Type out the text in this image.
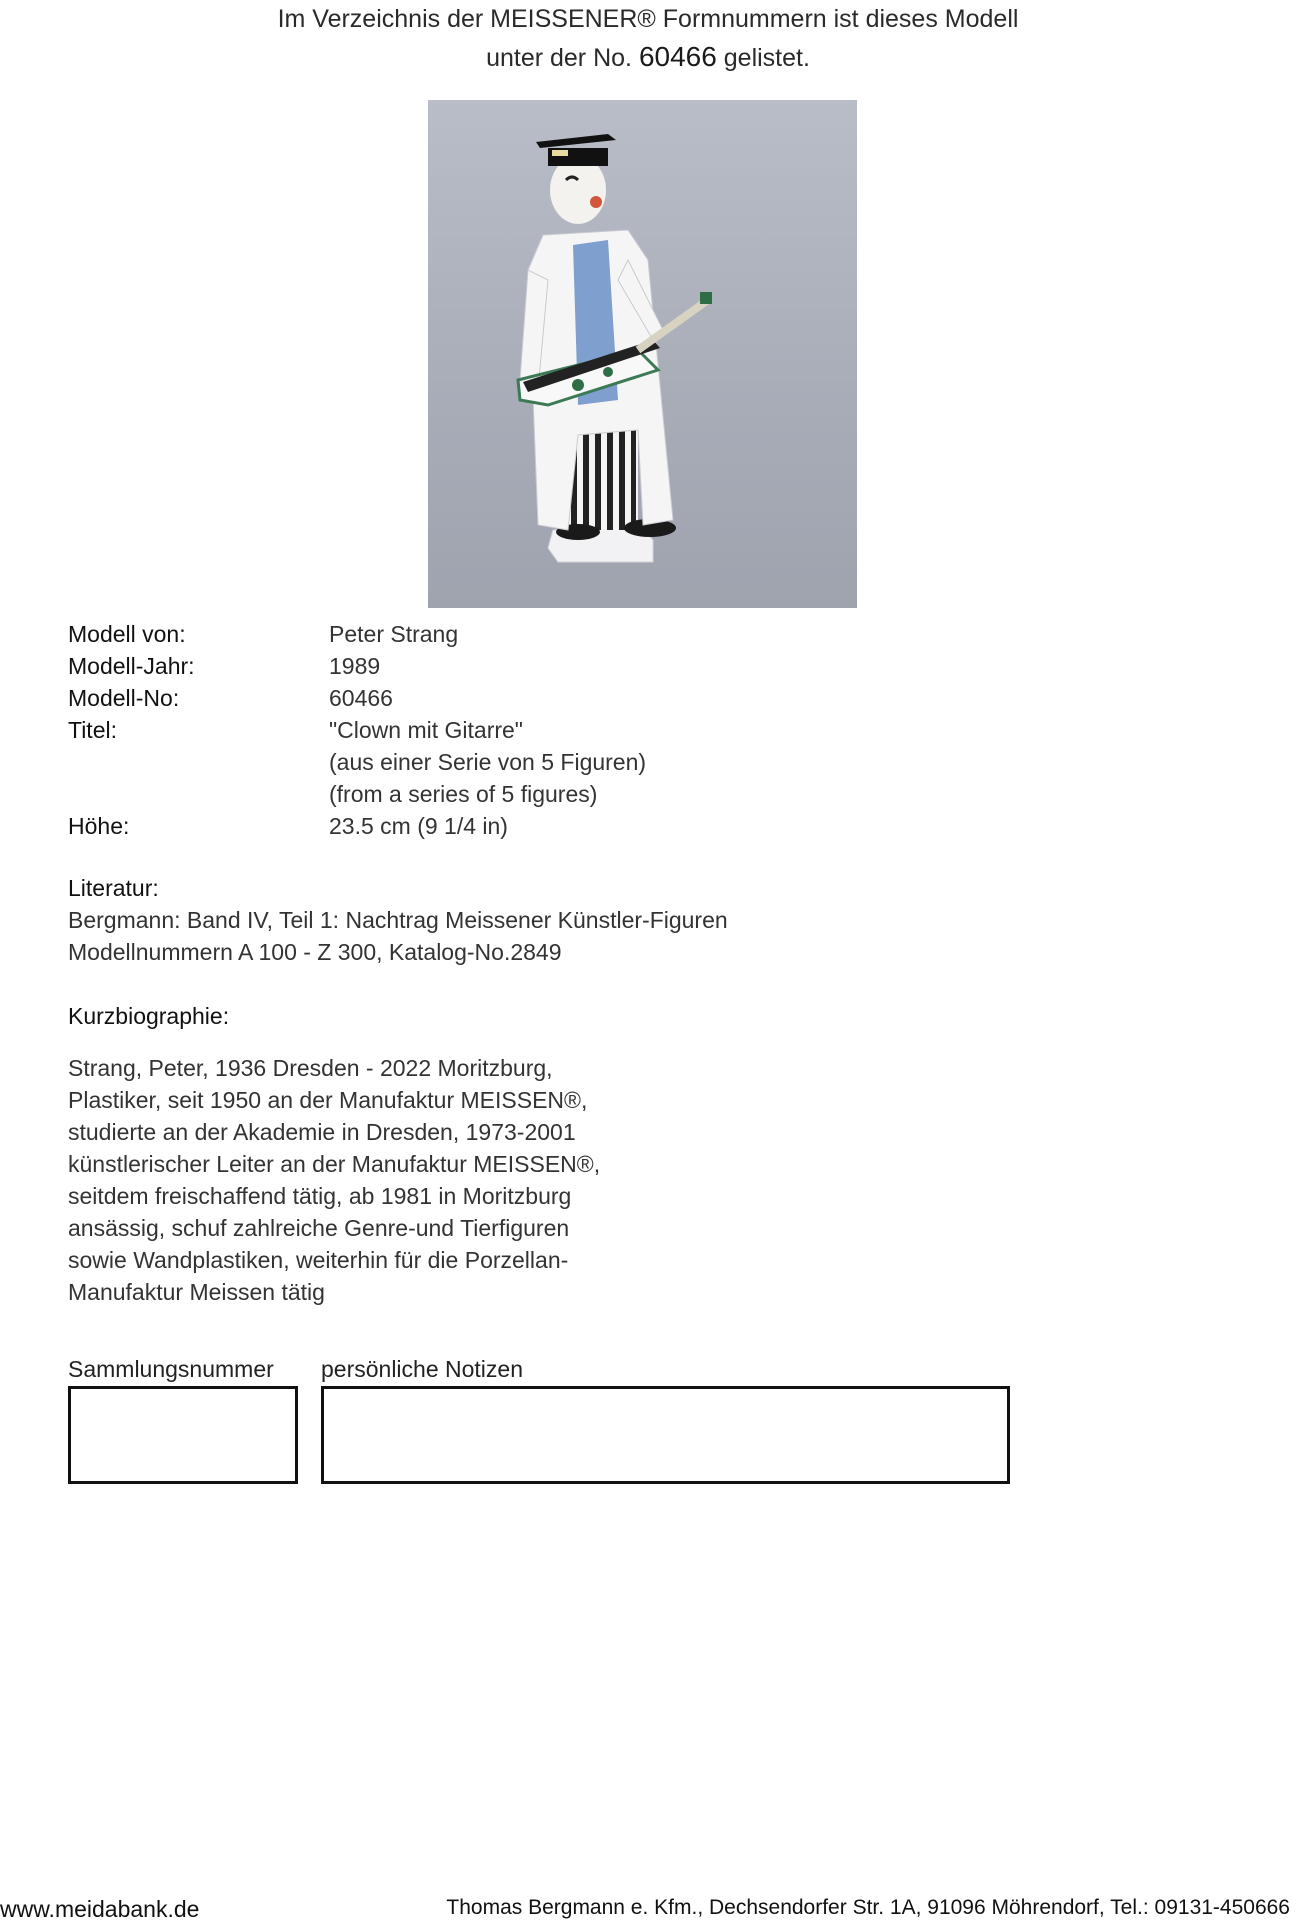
Im Verzeichnis der MEISSENER® Formnummern ist dieses Modell
unter der No. 60466 gelistet.
Modell von:	Peter Strang
Modell-Jahr:	1989
Modell-No:	60466
Titel:	"Clown mit Gitarre"
(aus einer Serie von 5 Figuren)
(from a series of 5 figures)
Höhe:	23.5 cm (9 1/4 in)
Literatur:
Bergmann: Band IV, Teil 1: Nachtrag Meissener Künstler-Figuren
Modellnummern A 100 - Z 300, Katalog-No.2849
Kurzbiographie:
Strang, Peter, 1936 Dresden - 2022 Moritzburg,
Plastiker, seit 1950 an der Manufaktur MEISSEN®,
studierte an der Akademie in Dresden, 1973-2001
künstlerischer Leiter an der Manufaktur MEISSEN®,
seitdem freischaffend tätig, ab 1981 in Moritzburg
ansässig, schuf zahlreiche Genre-und Tierfiguren
sowie Wandplastiken, weiterhin für die Porzellan-
Manufaktur Meissen tätig
Sammlungsnummer persönliche Notizen
www.meidabank.de	Thomas Bergmann e. Kfm., Dechsendorfer Str. 1A, 91096 Möhrendorf, Tel.: 09131-450666
